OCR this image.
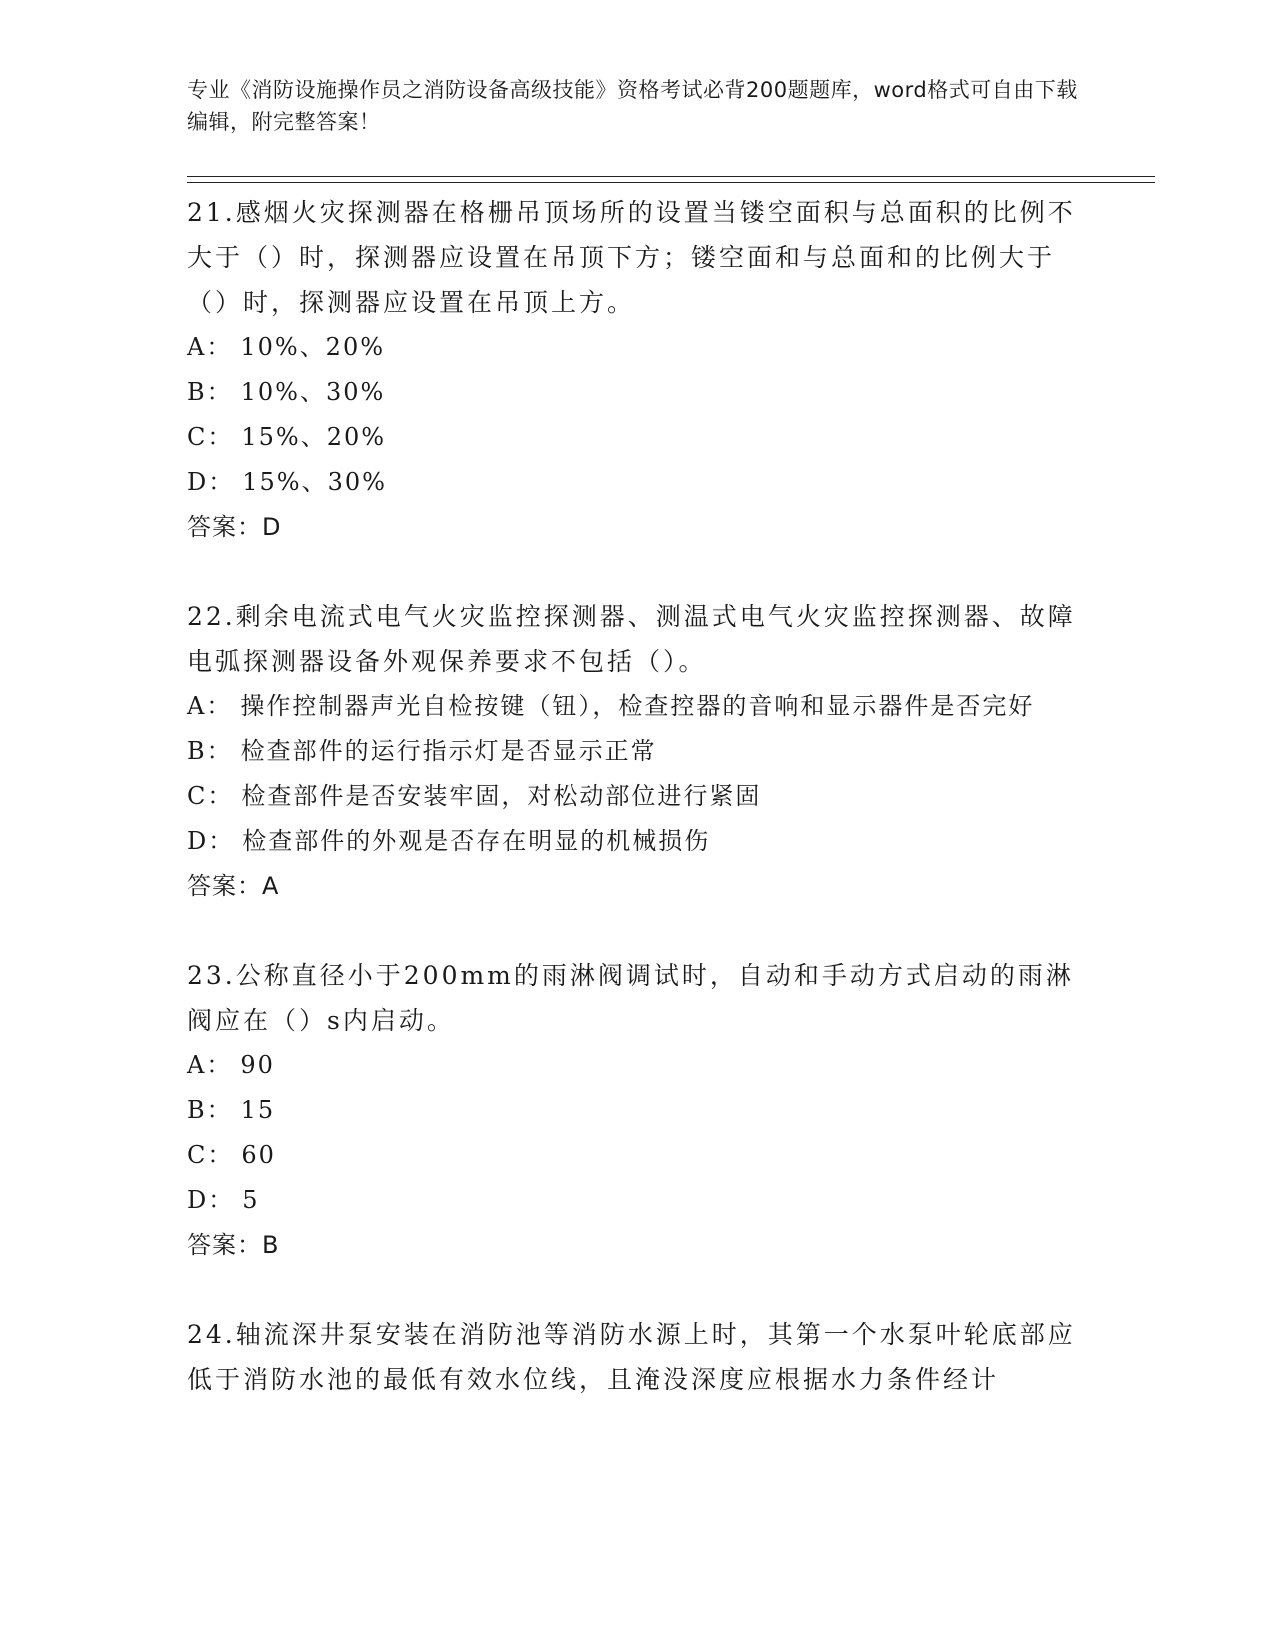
专业《消防设施操作员之消防设备高级技能》资格考试必背200题题库，word格式可自由下载编辑，附完整答案！

21.感烟火灾探测器在格栅吊顶场所的设置当镂空面积与总面积的比例不大于（）时，探测器应设置在吊顶下方；镂空面和与总面和的比例大于（）时，探测器应设置在吊顶上方。

A： 10%、20%

B： 10%、30%

C： 15%、20%

D： 15%、30%

答案：D

22.剩余电流式电气火灾监控探测器、测温式电气火灾监控探测器、故障电弧探测器设备外观保养要求不包括（）。

A： 操作控制器声光自检按键（钮），检查控器的音响和显示器件是否完好

B： 检查部件的运行指示灯是否显示正常

C： 检查部件是否安装牢固，对松动部位进行紧固

D： 检查部件的外观是否存在明显的机械损伤

答案：A

23.公称直径小于200mm的雨淋阀调试时，自动和手动方式启动的雨淋阀应在（）s内启动。

A： 90

B： 15

C： 60

D： 5

答案：B

24.轴流深井泵安装在消防池等消防水源上时，其第一个水泵叶轮底部应低于消防水池的最低有效水位线，且淹没深度应根据水力条件经计
